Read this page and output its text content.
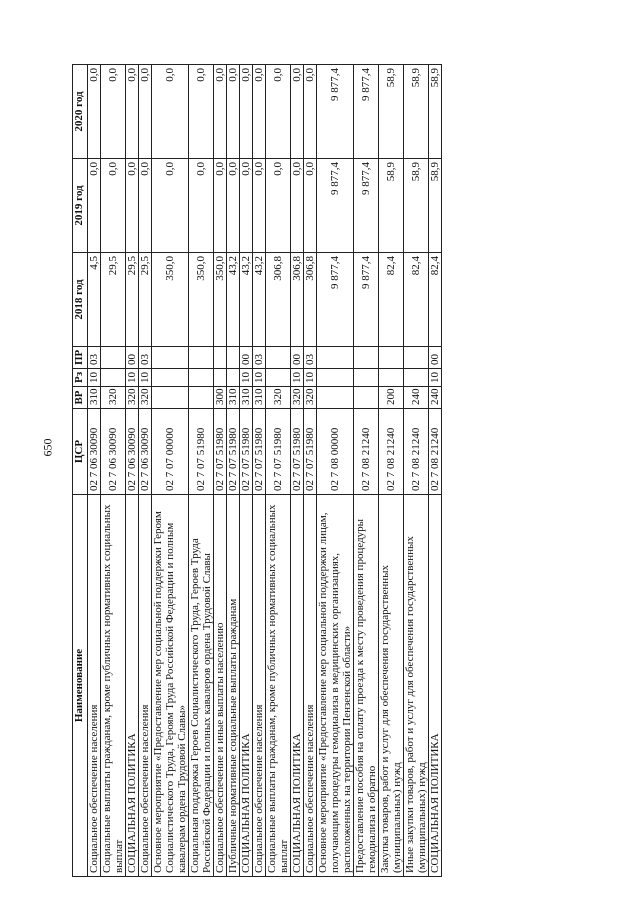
650
Наименование	ЦСР	ВР	Рз	ПР	2018 год	2019 год	2020 год
Социальное обеспечение населения	02 7 06 30090	310	10	03	4,5	0,0	0,0
Социальные выплаты гражданам, кроме публичных нормативных социальных выплат	02 7 06 30090	320			29,5	0,0	0,0
СОЦИАЛЬНАЯ ПОЛИТИКА	02 7 06 30090	320	10	00	29,5	0,0	0,0
Социальное обеспечение населения	02 7 06 30090	320	10	03	29,5	0,0	0,0
Основное мероприятие «Предоставление мер социальной поддержки Героям Социалистического Труда, Героям Труда Российской Федерации и полным кавалерам ордена Трудовой Славы»	02 7 07 00000				350,0	0,0	0,0
Социальная поддержка Героев Социалистического Труда, Героев Труда Российской Федерации и полных кавалеров ордена Трудовой Славы	02 7 07 51980				350,0	0,0	0,0
Социальное обеспечение и иные выплаты населению	02 7 07 51980	300			350,0	0,0	0,0
Публичные нормативные социальные выплаты гражданам	02 7 07 51980	310			43,2	0,0	0,0
СОЦИАЛЬНАЯ ПОЛИТИКА	02 7 07 51980	310	10	00	43,2	0,0	0,0
Социальное обеспечение населения	02 7 07 51980	310	10	03	43,2	0,0	0,0
Социальные выплаты гражданам, кроме публичных нормативных социальных выплат	02 7 07 51980	320			306,8	0,0	0,0
СОЦИАЛЬНАЯ ПОЛИТИКА	02 7 07 51980	320	10	00	306,8	0,0	0,0
Социальное обеспечение населения	02 7 07 51980	320	10	03	306,8	0,0	0,0
Основное мероприятие «Предоставление мер социальной поддержки лицам, получающим процедуры гемодиализа в медицинских организациях, расположенных на территории Пензенской области»	02 7 08 00000				9 877,4	9 877,4	9 877,4
Предоставление пособия на оплату проезда к месту проведения процедуры гемодиализа и обратно	02 7 08 21240				9 877,4	9 877,4	9 877,4
Закупка товаров, работ и услуг для обеспечения государственных (муниципальных) нужд	02 7 08 21240	200			82,4	58,9	58,9
Иные закупки товаров, работ и услуг для обеспечения государственных (муниципальных) нужд	02 7 08 21240	240			82,4	58,9	58,9
СОЦИАЛЬНАЯ ПОЛИТИКА	02 7 08 21240	240	10	00	82,4	58,9	58,9
